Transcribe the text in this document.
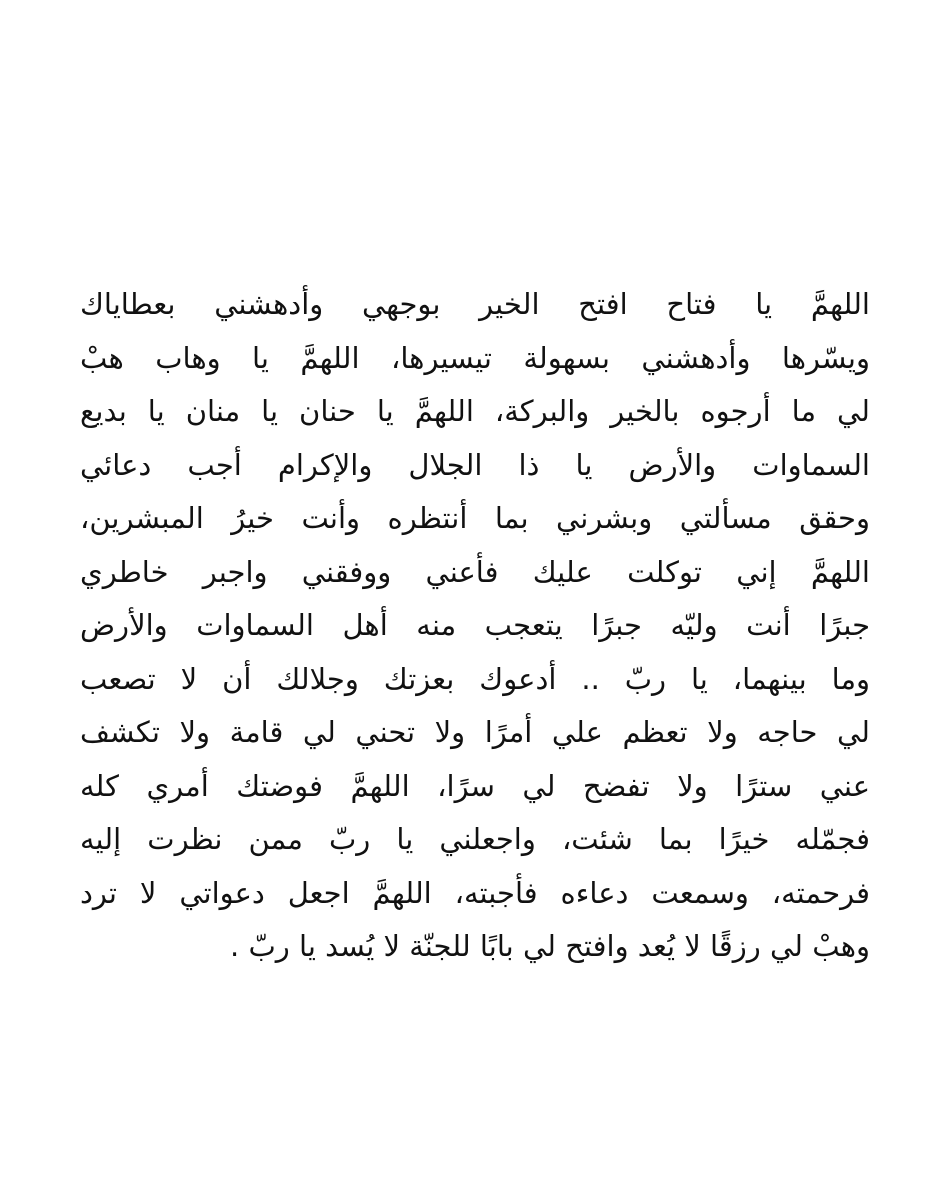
اللهمَّ يا فتاح افتح الخير بوجهي وأدهشني بعطاياك
ويسّرها وأدهشني بسهولة تيسيرها، اللهمَّ يا وهاب هبْ
لي ما أرجوه بالخير والبركة، اللهمَّ يا حنان يا منان يا بديع
السماوات والأرض يا ذا الجلال والإكرام أجب دعائي
وحقق مسألتي وبشرني بما أنتظره وأنت خيرُ المبشرين،
اللهمَّ إني توكلت عليك فأعني ووفقني واجبر خاطري
جبرًا أنت وليّه جبرًا يتعجب منه أهل السماوات والأرض
وما بينهما، يا ربّ .. أدعوك بعزتك وجلالك أن لا تصعب
لي حاجه ولا تعظم علي أمرًا ولا تحني لي قامة ولا تكشف
عني سترًا ولا تفضح لي سرًا، اللهمَّ فوضتك أمري كله
فجمّله خيرًا بما شئت، واجعلني يا ربّ ممن نظرت إليه
فرحمته، وسمعت دعاءه فأجبته، اللهمَّ اجعل دعواتي لا ترد
وهبْ لي رزقًا لا يُعد وافتح لي بابًا للجنّة لا يُسد يا ربّ .
